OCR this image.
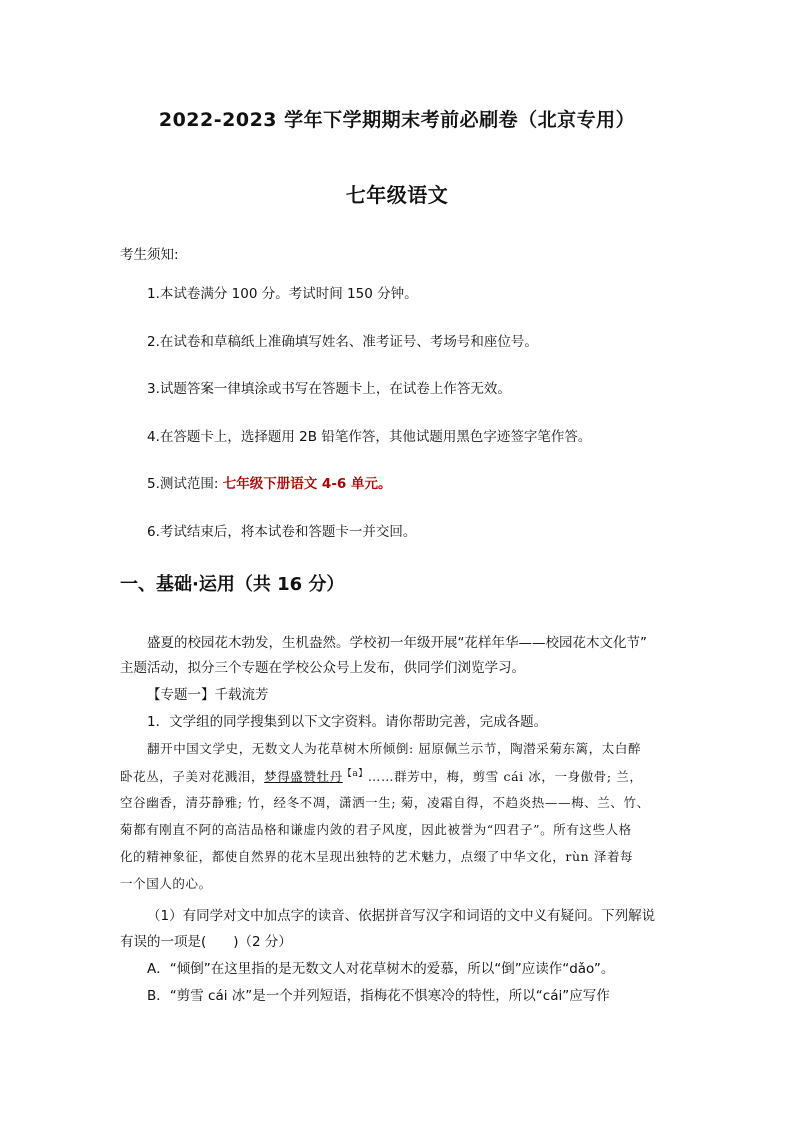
2022-2023 学年下学期期末考前必刷卷（北京专用）
七年级语文
考生须知:
1.本试卷满分 100 分。考试时间 150 分钟。
2.在试卷和草稿纸上准确填写姓名、准考证号、考场号和座位号。
3.试题答案一律填涂或书写在答题卡上，在试卷上作答无效。
4.在答题卡上，选择题用 2B 铅笔作答，其他试题用黑色字迹签字笔作答。
5.测试范围: 七年级下册语文 4-6 单元。
6.考试结束后，将本试卷和答题卡一并交回。
一、基础·运用（共 16 分）
盛夏的校园花木勃发，生机盎然。学校初一年级开展“花样年华——校园花木文化节”
主题活动，拟分三个专题在学校公众号上发布，供同学们浏览学习。
【专题一】千载流芳
1．文学组的同学搜集到以下文字资料。请你帮助完善，完成各题。
翻开中国文学史，无数文人为花草树木所倾倒: 屈原佩兰示节，陶潜采菊东篱，太白醉
卧花丛，子美对花溅泪，梦得盛赞牡丹$^{【a】}$……群芳中，梅，剪雪 cái 冰，一身傲骨; 兰，
空谷幽香，清芬静雅; 竹，经冬不凋，潇洒一生; 菊，凌霜自得，不趋炎热——梅、兰、竹、
菊都有刚直不阿的高洁品格和谦虚内敛的君子风度，因此被誉为“四君子”。所有这些人格
化的精神象征，都使自然界的花木呈现出独特的艺术魅力，点缀了中华文化，rùn 泽着每
一个国人的心。
（1）有同学对文中加点字的读音、依据拼音写汉字和词语的文中义有疑问。下列解说
有误的一项是(　　)（2 分）
A．“倾倒”在这里指的是无数文人对花草树木的爱慕，所以“倒”应读作“dǎo”。
B．“剪雪 cái 冰”是一个并列短语，指梅花不惧寒冷的特性，所以“cái”应写作
